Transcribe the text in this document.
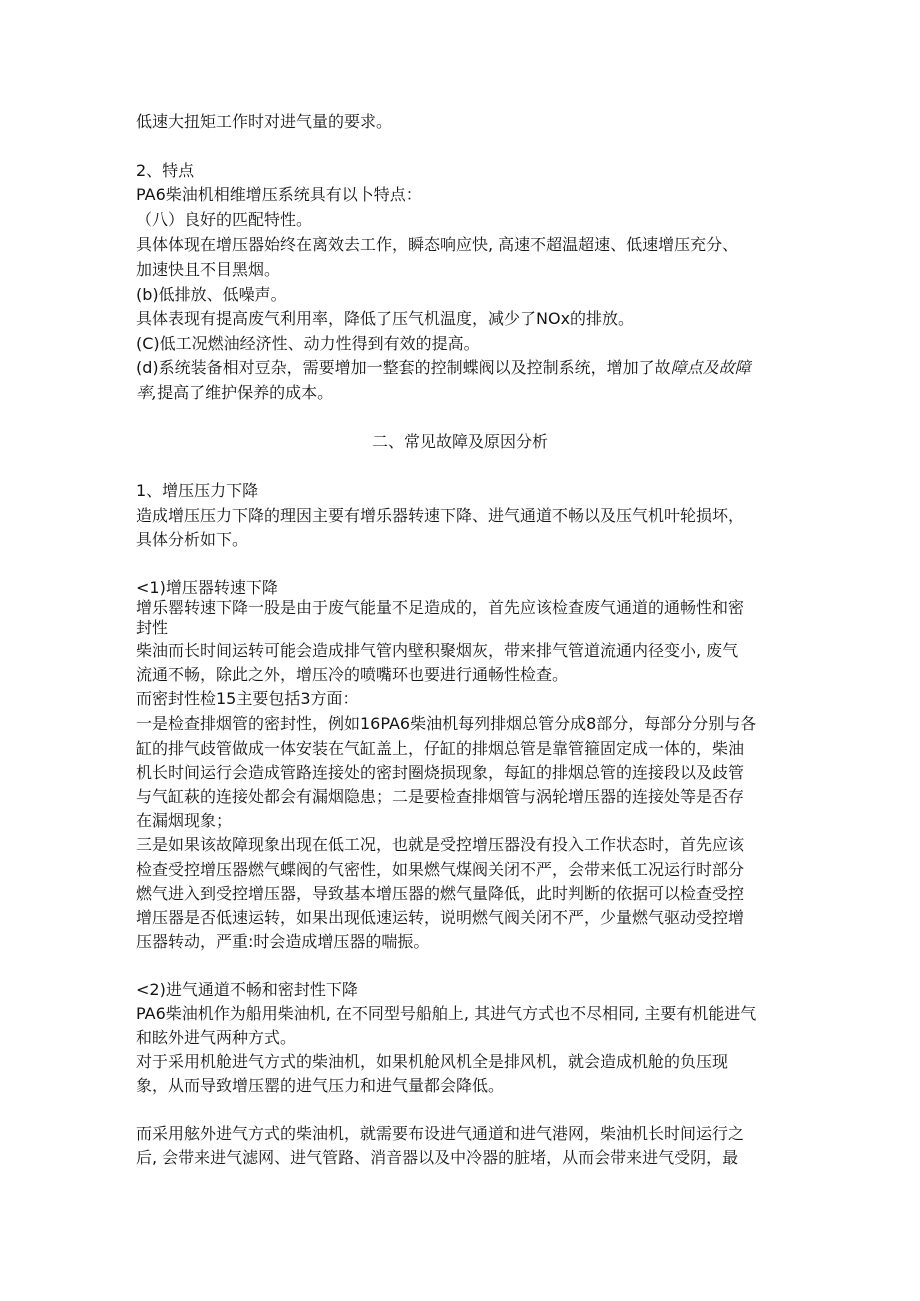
低速大扭矩工作时对进气量的要求。
2、特点
PA6柴油机相维增压系统具有以卜特点：
（八）良好的匹配特性。
具体体现在增压器始终在离效去工作，瞬态响应快, 高速不超温超速、低速增压充分、
加速快且不目黑烟。
(b)低排放、低噪声。
具体表现有提高废气利用率，降低了压气机温度，减少了NOx的排放。
(C)低工况燃油经济性、动力性得到有效的提高。
(d)系统装备相对豆杂，需要增加一整套的控制蝶阀以及控制系统，增加了故障点及故障
率,提高了维护保养的成本。
二、常见故障及原因分析
1、增压压力下降
造成增压压力下降的理因主要有增乐器转速下降、进气通道不畅以及压气机叶轮损坏，
具体分析如下。
<1)增压器转速下降
增乐罂转速下降一股是由于废气能量不足造成的，首先应该检查废气通道的通畅性和密
封性
柴油而长时间运转可能会造成排气管内壁积聚烟灰，带来排气管道流通内径变小, 废气
流通不畅，除此之外，增压冷的喷嘴环也要进行通畅性检查。
而密封性检15主要包括3方面：
一是检查排烟管的密封性，例如16PA6柴油机每列排烟总管分成8部分，每部分分别与各
缸的排气歧管做成一体安装在气缸盖上，仔缸的排烟总管是靠管箍固定成一体的，柴油
机长时间运行会造成管路连接处的密封圈烧损现象，每缸的排烟总管的连接段以及歧管
与气缸萩的连接处都会有漏烟隐患；二是要检查排烟管与涡轮增压器的连接处等是否存
在漏烟现象；
三是如果该故障现象出现在低工况，也就是受控增压器没有投入工作状态时，首先应该
检查受控增压器燃气蝶阀的气密性，如果燃气煤阀关闭不严，会带来低工况运行时部分
燃气进入到受控增压器，导致基本增压器的燃气量降低，此时判断的依据可以检查受控
增压器是否低速运转，如果出现低速运转，说明燃气阀关闭不严，少量燃气驱动受控增
压器转动，严重:时会造成增压器的喘振。
<2)进气通道不畅和密封性下降
PA6柴油机作为船用柴油机, 在不同型号船舶上, 其进气方式也不尽相同, 主要有机能进气
和眩外进气两种方式。
对于采用机舱进气方式的柴油机，如果机舱风机全是排风机，就会造成机舱的负压现
象，从而导致增压罂的进气压力和进气量都会降低。
而采用舷外进气方式的柴油机，就需要布设进气通道和进气港网，柴油机长时间运行之
后, 会带来进气滤网、进气管路、消音器以及中冷器的脏堵，从而会带来进气受阴，最
